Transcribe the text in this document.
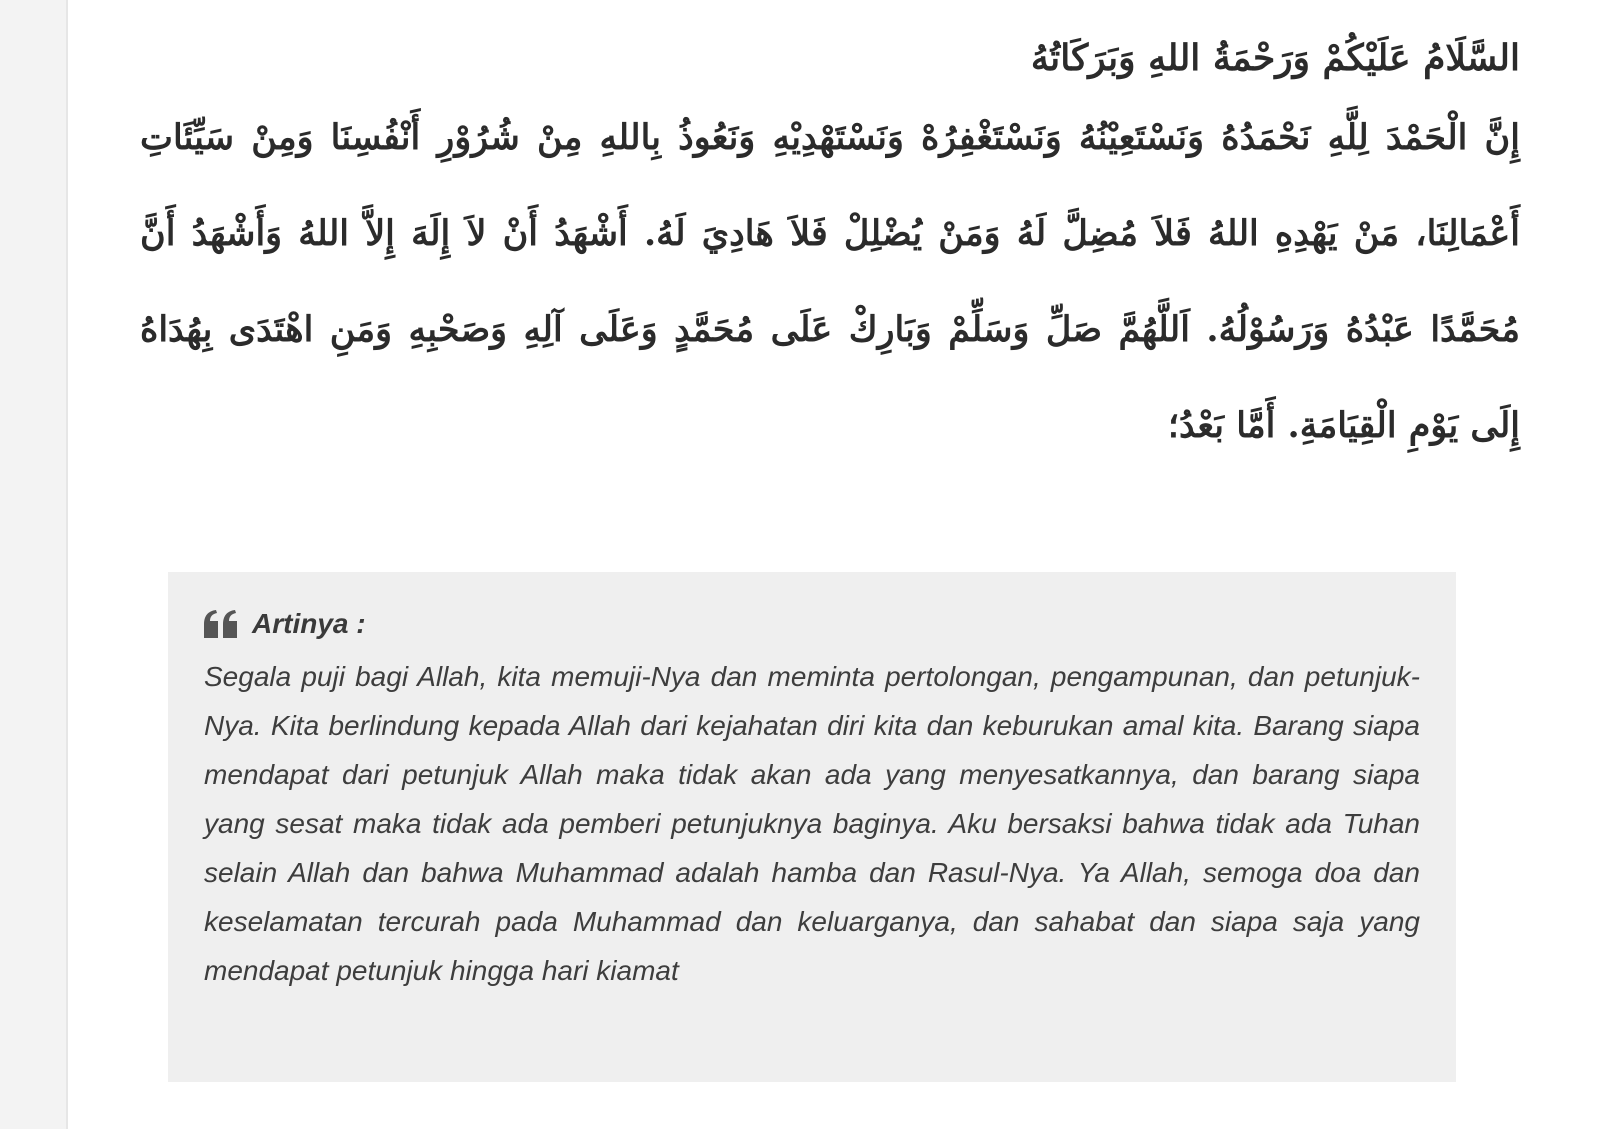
السَّلَامُ عَلَيْكُمْ وَرَحْمَةُ اللهِ وَبَرَكَاتُهُ
إِنَّ الْحَمْدَ لِلَّهِ نَحْمَدُهُ وَنَسْتَعِيْنُهُ وَنَسْتَغْفِرُهْ وَنَسْتَهْدِيْهِ وَنَعُوذُ بِاللهِ مِنْ شُرُوْرِ أَنْفُسِنَا وَمِنْ سَيِّئَاتِ أَعْمَالِنَا، مَنْ يَهْدِهِ اللهُ فَلاَ مُضِلَّ لَهُ وَمَنْ يُضْلِلْ فَلاَ هَادِيَ لَهُ. أَشْهَدُ أَنْ لاَ إِلَهَ إِلاَّ اللهُ وَأَشْهَدُ أَنَّ مُحَمَّدًا عَبْدُهُ وَرَسُوْلُهُ. اَللَّهُمَّ صَلِّ وَسَلِّمْ وَبَارِكْ عَلَى مُحَمَّدٍ وَعَلَى آلِهِ وَصَحْبِهِ وَمَنِ اهْتَدَى بِهُدَاهُ إِلَى يَوْمِ الْقِيَامَةِ. أَمَّا بَعْدُ؛
Artinya :
Segala puji bagi Allah, kita memuji-Nya dan meminta pertolongan, pengampunan, dan petunjuk-Nya. Kita berlindung kepada Allah dari kejahatan diri kita dan keburukan amal kita. Barang siapa mendapat dari petunjuk Allah maka tidak akan ada yang menyesatkannya, dan barang siapa yang sesat maka tidak ada pemberi petunjuknya baginya. Aku bersaksi bahwa tidak ada Tuhan selain Allah dan bahwa Muhammad adalah hamba dan Rasul-Nya. Ya Allah, semoga doa dan keselamatan tercurah pada Muhammad dan keluarganya, dan sahabat dan siapa saja yang mendapat petunjuk hingga hari kiamat
